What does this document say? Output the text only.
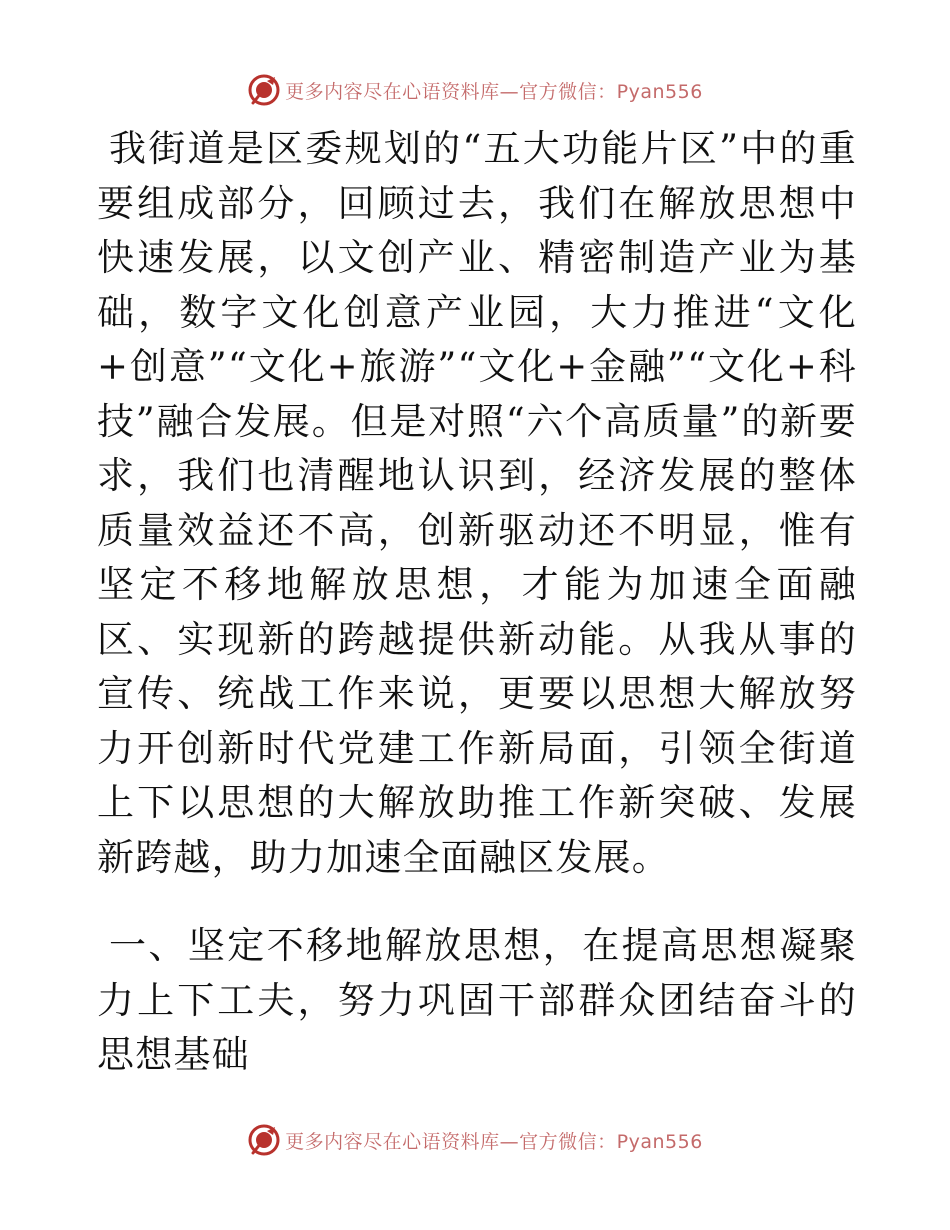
更多内容尽在心语资料库—官方微信：Pyan556

我街道是区委规划的“五大功能片区”中的重要组成部分，回顾过去，我们在解放思想中快速发展，以文创产业、精密制造产业为基础，数字文化创意产业园，大力推进“文化+创意”“文化+旅游”“文化+金融”“文化+科技”融合发展。但是对照“六个高质量”的新要求，我们也清醒地认识到，经济发展的整体质量效益还不高，创新驱动还不明显，惟有坚定不移地解放思想，才能为加速全面融区、实现新的跨越提供新动能。从我从事的宣传、统战工作来说，更要以思想大解放努力开创新时代党建工作新局面，引领全街道上下以思想的大解放助推工作新突破、发展新跨越，助力加速全面融区发展。

一、坚定不移地解放思想，在提高思想凝聚力上下工夫，努力巩固干部群众团结奋斗的思想基础

更多内容尽在心语资料库—官方微信：Pyan556
